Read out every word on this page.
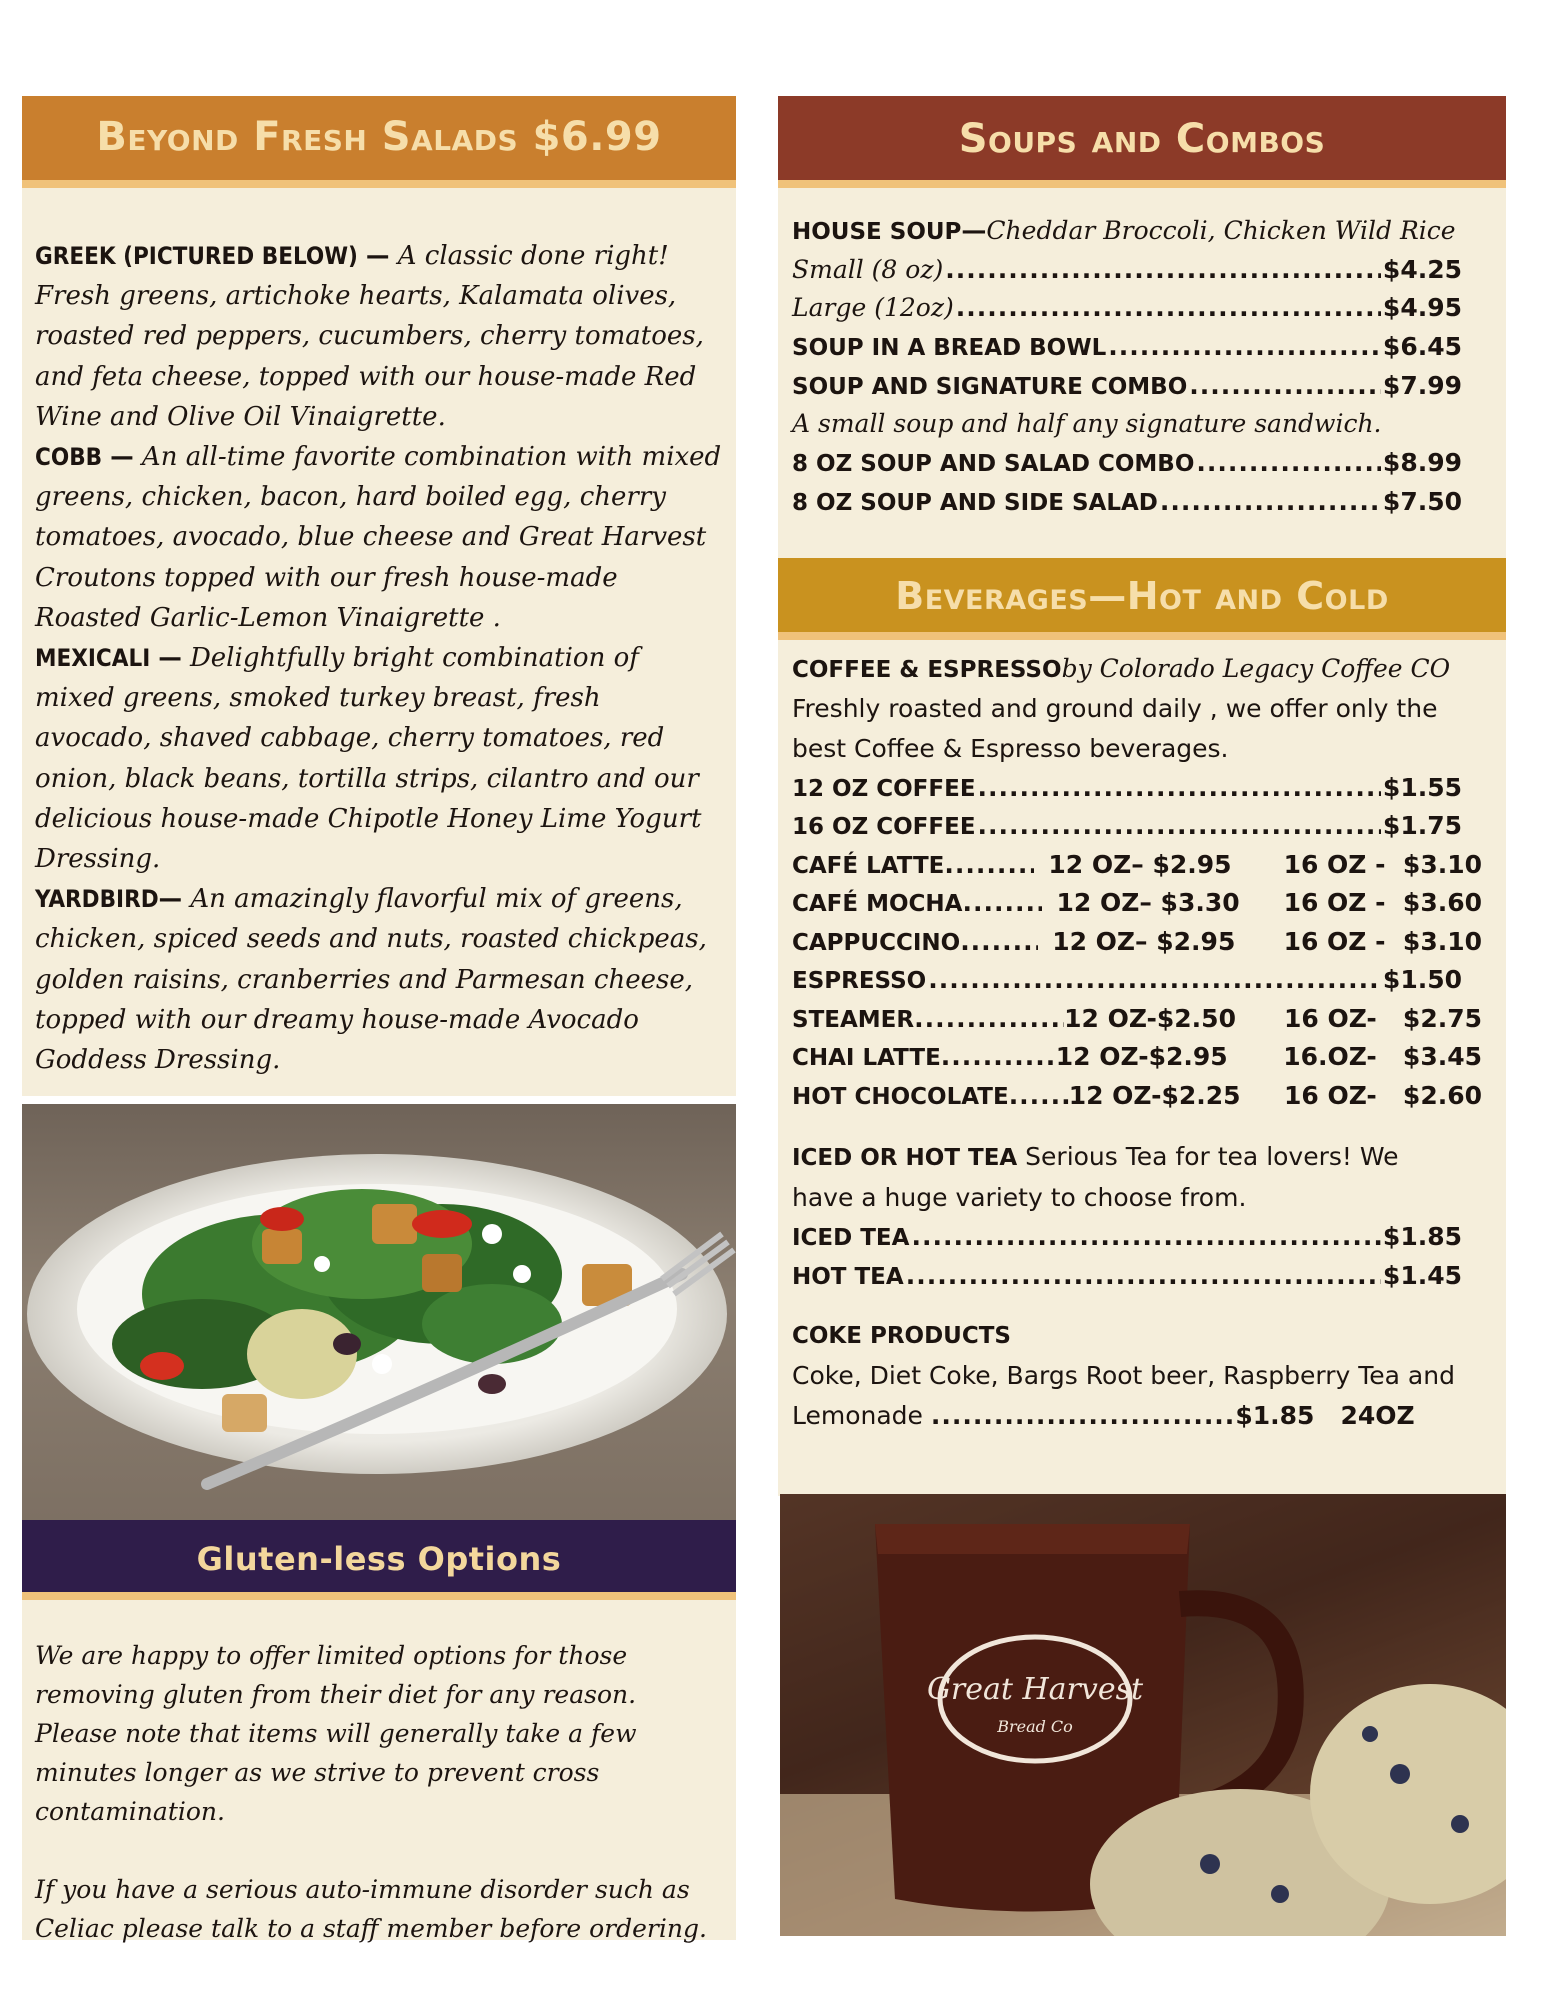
Beyond Fresh Salads $6.99
GREEK (PICTURED BELOW) — A classic done right! Fresh greens, artichoke hearts, Kalamata olives, roasted red peppers, cucumbers, cherry tomatoes, and feta cheese, topped with our house-made Red Wine and Olive Oil Vinaigrette.
COBB — An all-time favorite combination with mixed greens, chicken, bacon, hard boiled egg, cherry tomatoes, avocado, blue cheese and Great Harvest Croutons topped with our fresh house-made Roasted Garlic-Lemon Vinaigrette .
MEXICALI — Delightfully bright combination of mixed greens, smoked turkey breast, fresh avocado, shaved cabbage, cherry tomatoes, red onion, black beans, tortilla strips, cilantro and our delicious house-made Chipotle Honey Lime Yogurt Dressing.
YARDBIRD— An amazingly flavorful mix of greens, chicken, spiced seeds and nuts, roasted chickpeas, golden raisins, cranberries and Parmesan cheese, topped with our dreamy house-made Avocado Goddess Dressing.
Gluten-less Options

We are happy to offer limited options for those removing gluten from their diet for any reason. Please note that items will generally take a few minutes longer as we strive to prevent cross contamination.

If you have a serious auto-immune disorder such as Celiac please talk to a staff member before ordering.

Soups and Combos
HOUSE SOUP — Cheddar Broccoli, Chicken Wild Rice
Small (8 oz) .....	$4.25
Large (12oz) .....	$4.95
SOUP IN A BREAD BOWL .....	$6.45
SOUP AND SIGNATURE COMBO .....	$7.99
A small soup and half any signature sandwich.
8 OZ SOUP AND SALAD COMBO .....	$8.99
8 OZ SOUP AND SIDE SALAD .....	$7.50
Beverages—Hot and Cold
COFFEE & ESPRESSO by Colorado Legacy Coffee CO
Freshly roasted and ground daily , we offer only the best Coffee & Espresso beverages.
12 OZ COFFEE .....	$1.55
16 OZ COFFEE .....	$1.75
CAFÉ LATTE .....	12 OZ– $2.95 16 OZ -  $3.10
CAFÉ MOCHA .....	12 OZ– $3.30 16 OZ -  $3.60
CAPPUCCINO .....	12 OZ– $2.95 16 OZ -  $3.10
ESPRESSO .....	$1.50
STEAMER .....	12 OZ-$2.50 16 OZ-   $2.75
CHAI LATTE .....	12 OZ-$2.95 16.OZ-   $3.45
HOT CHOCOLATE ..... 12 OZ-$2.25 16 OZ-   $2.60
ICED OR HOT TEA Serious Tea for tea lovers! We have a huge variety to choose from.
ICED TEA .....	$1.85
HOT TEA .....	$1.45
COKE PRODUCTS
Coke, Diet Coke, Bargs Root beer, Raspberry Tea and Lemonade .............................$1.85   24OZ
Great Harvest
Bread Co
